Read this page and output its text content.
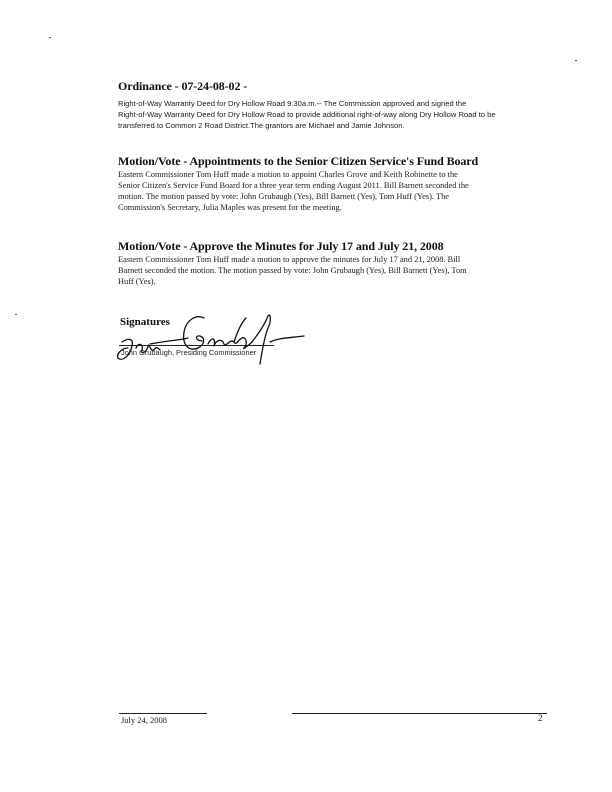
Ordinance - 07-24-08-02 -

Right-of-Way Warranty Deed for Dry Hollow Road 9:30a.m.-- The Commission approved and signed the

Right-of-Way Warranty Deed for Dry Hollow Road to provide additional right-of-way along Dry Hollow Road to be

transferred to Common 2 Road District.The grantors are Michael and Jamie Johnson.

Motion/Vote - Appointments to the Senior Citizen Service's Fund Board

Eastern Commissioner Tom Huff made a motion to appoint Charles Grove and Keith Robinette to the

Senior Citizen's Service Fund Board for a three year term ending August 2011. Bill Barnett seconded the

motion. The motion passed by vote: John Grubaugh (Yes), Bill Barnett (Yes), Tom Huff (Yes). The

Commission's Secretary, Julia Maples was present for the meeting.

Motion/Vote - Approve the Minutes for July 17 and July 21, 2008

Eastern Commissioner Tom Huff made a motion to approve the minutes for July 17 and 21, 2008. Bill

Barnett seconded the motion. The motion passed by vote: John Grubaugh (Yes), Bill Barnett (Yes), Tom

Huff (Yes).

Signatures
John Grubaugh, Presiding Commissioner
July 24, 2008	2
